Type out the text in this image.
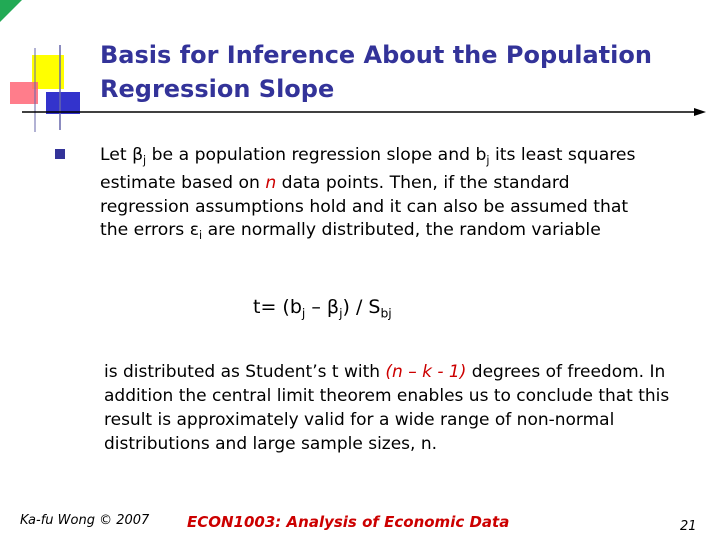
Basis for Inference About the Population
Regression Slope
Let $\beta_j$ be a population regression slope and $b_j$ its least squares estimate based on n data points. Then, if the standard regression assumptions hold and it can also be assumed that the errors $\varepsilon_i$ are normally distributed, the random variable
$t= (b_j - \beta_j) / S_{bj}$
is distributed as Student’s t with (n – k - 1) degrees of freedom. In addition the central limit theorem enables us to conclude that this result is approximately valid for a wide range of non-normal distributions and large sample sizes, n.
Ka-fu Wong © 2007	ECON1003: Analysis of Economic Data	21
